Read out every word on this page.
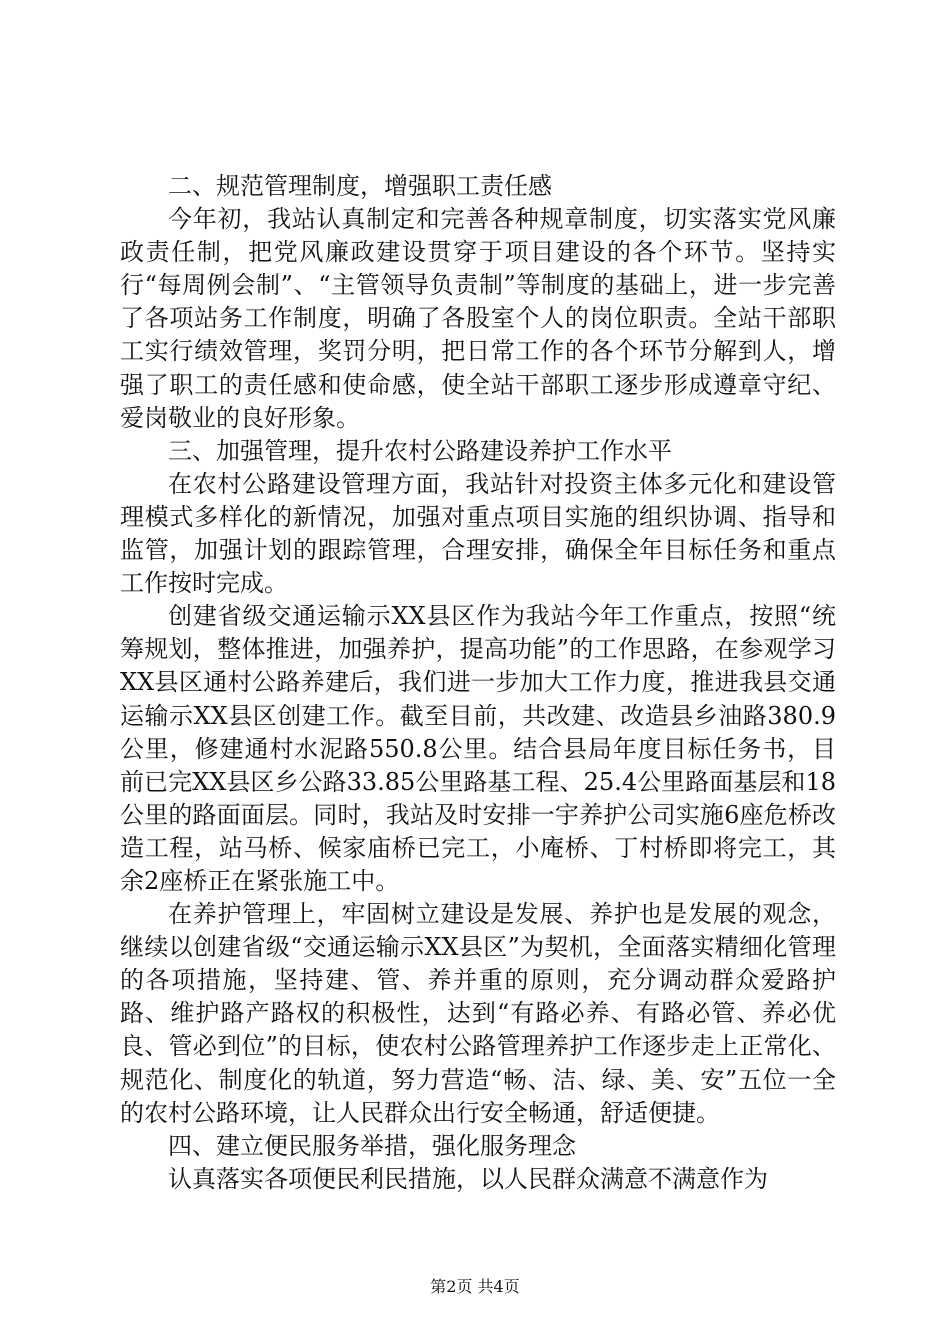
二、规范管理制度，增强职工责任感

今年初，我站认真制定和完善各种规章制度，切实落实党风廉政责任制，把党风廉政建设贯穿于项目建设的各个环节。坚持实行“每周例会制”、“主管领导负责制”等制度的基础上，进一步完善了各项站务工作制度，明确了各股室个人的岗位职责。全站干部职工实行绩效管理，奖罚分明，把日常工作的各个环节分解到人，增强了职工的责任感和使命感，使全站干部职工逐步形成遵章守纪、爱岗敬业的良好形象。

三、加强管理，提升农村公路建设养护工作水平

在农村公路建设管理方面，我站针对投资主体多元化和建设管理模式多样化的新情况，加强对重点项目实施的组织协调、指导和监管，加强计划的跟踪管理，合理安排，确保全年目标任务和重点工作按时完成。

创建省级交通运输示XX县区作为我站今年工作重点，按照“统筹规划，整体推进，加强养护，提高功能”的工作思路，在参观学习XX县区通村公路养建后，我们进一步加大工作力度，推进我县交通运输示XX县区创建工作。截至目前，共改建、改造县乡油路380.9公里，修建通村水泥路550.8公里。结合县局年度目标任务书，目前已完XX县区乡公路33.85公里路基工程、25.4公里路面基层和18公里的路面面层。同时，我站及时安排一宇养护公司实施6座危桥改造工程，站马桥、候家庙桥已完工，小庵桥、丁村桥即将完工，其余2座桥正在紧张施工中。

在养护管理上，牢固树立建设是发展、养护也是发展的观念，继续以创建省级“交通运输示XX县区”为契机，全面落实精细化管理的各项措施，坚持建、管、养并重的原则，充分调动群众爱路护路、维护路产路权的积极性，达到“有路必养、有路必管、养必优良、管必到位”的目标，使农村公路管理养护工作逐步走上正常化、规范化、制度化的轨道，努力营造“畅、洁、绿、美、安”五位一全的农村公路环境，让人民群众出行安全畅通，舒适便捷。

四、建立便民服务举措，强化服务理念

认真落实各项便民利民措施，以人民群众满意不满意作为

第2页 共4页
